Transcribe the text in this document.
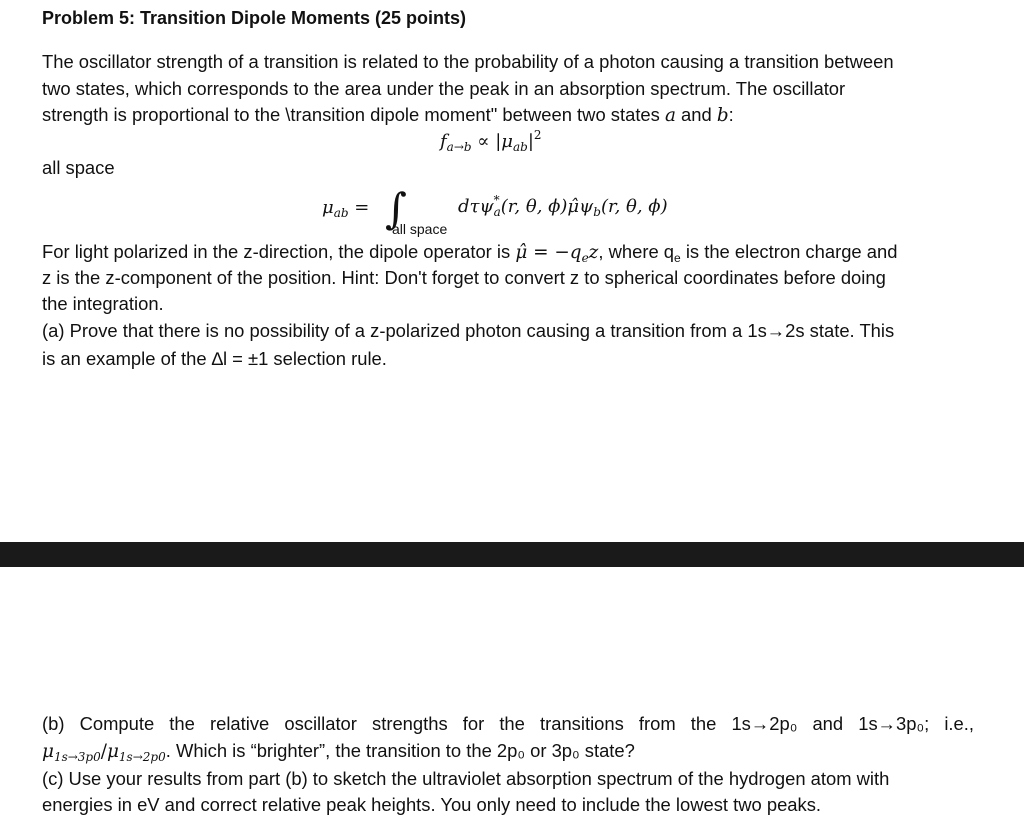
Problem 5: Transition Dipole Moments (25 points)
The oscillator strength of a transition is related to the probability of a photon causing a transition between
two states, which corresponds to the area under the peak in an absorption spectrum. The oscillator
strength is proportional to the \transition dipole moment" between two states a and b:
$f_{a\to b} \propto |\mu_{ab}|^2$
all space
$\mu_{ab}$ = ∫
all space
dτψ*$_a$(r, θ, $\phi)\mû\psi_b(r$, θ, ϕ)
For light polarized in the z-direction, the dipole operator is μ̂ = $-q_ez$, where $q_e$ is the electron charge and
z is the z-component of the position. Hint: Don't forget to convert z to spherical coordinates before doing
the integration.
(a) Prove that there is no possibility of a z-polarized photon causing a transition from a 1s→2s state. This
is an example of the ∆l = ±1 selection rule.
(b) Compute the relative oscillator strengths for the transitions from the 1s→2p₀ and 1s→3p₀; i.e.,
$\mu_{1s\to 3p0}/\mu_{1s\to 2p0}$. Which is “brighter”, the transition to the 2p₀ or 3p₀ state?
(c) Use your results from part (b) to sketch the ultraviolet absorption spectrum of the hydrogen atom with
energies in eV and correct relative peak heights. You only need to include the lowest two peaks.
